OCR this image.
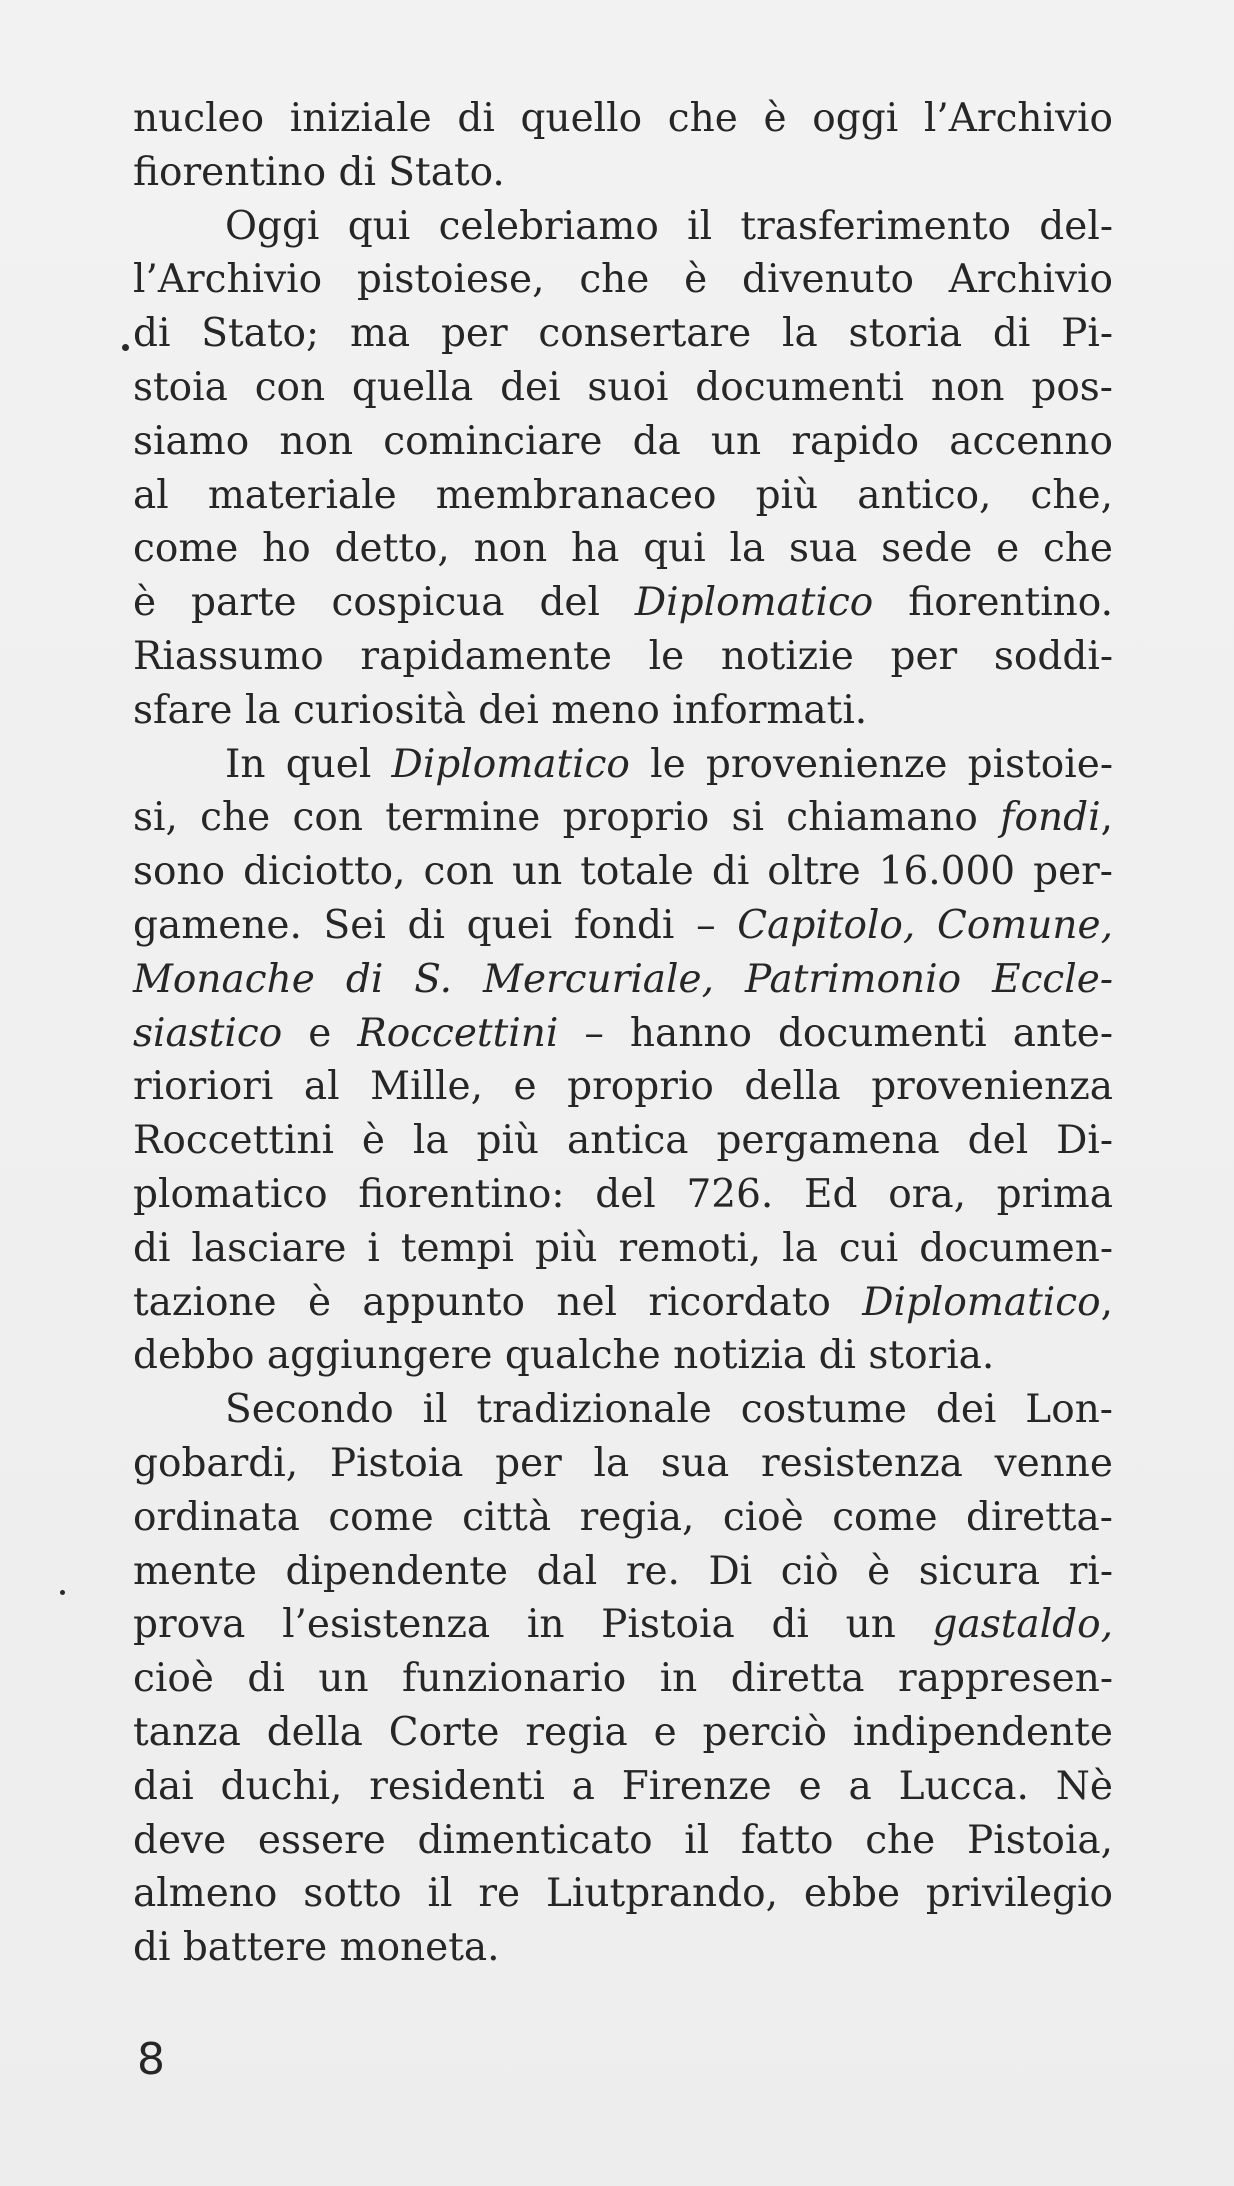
nucleo iniziale di quello che è oggi l’Archivio
fiorentino di Stato.
Oggi qui celebriamo il trasferimento del-
l’Archivio pistoiese, che è divenuto Archivio
di Stato; ma per consertare la storia di Pi-
stoia con quella dei suoi documenti non pos-
siamo non cominciare da un rapido accenno
al materiale membranaceo più antico, che,
come ho detto, non ha qui la sua sede e che
è parte cospicua del Diplomatico fiorentino.
Riassumo rapidamente le notizie per soddi-
sfare la curiosità dei meno informati.
In quel Diplomatico le provenienze pistoie-
si, che con termine proprio si chiamano fondi,
sono diciotto, con un totale di oltre 16.000 per-
gamene. Sei di quei fondi – Capitolo, Comune,
Monache di S. Mercuriale, Patrimonio Eccle-
siastico e Roccettini – hanno documenti ante-
rioriori al Mille, e proprio della provenienza
Roccettini è la più antica pergamena del Di-
plomatico fiorentino: del 726. Ed ora, prima
di lasciare i tempi più remoti, la cui documen-
tazione è appunto nel ricordato Diplomatico,
debbo aggiungere qualche notizia di storia.
Secondo il tradizionale costume dei Lon-
gobardi, Pistoia per la sua resistenza venne
ordinata come città regia, cioè come diretta-
mente dipendente dal re. Di ciò è sicura ri-
prova l’esistenza in Pistoia di un gastaldo,
cioè di un funzionario in diretta rappresen-
tanza della Corte regia e perciò indipendente
dai duchi, residenti a Firenze e a Lucca. Nè
deve essere dimenticato il fatto che Pistoia,
almeno sotto il re Liutprando, ebbe privilegio
di battere moneta.
8
